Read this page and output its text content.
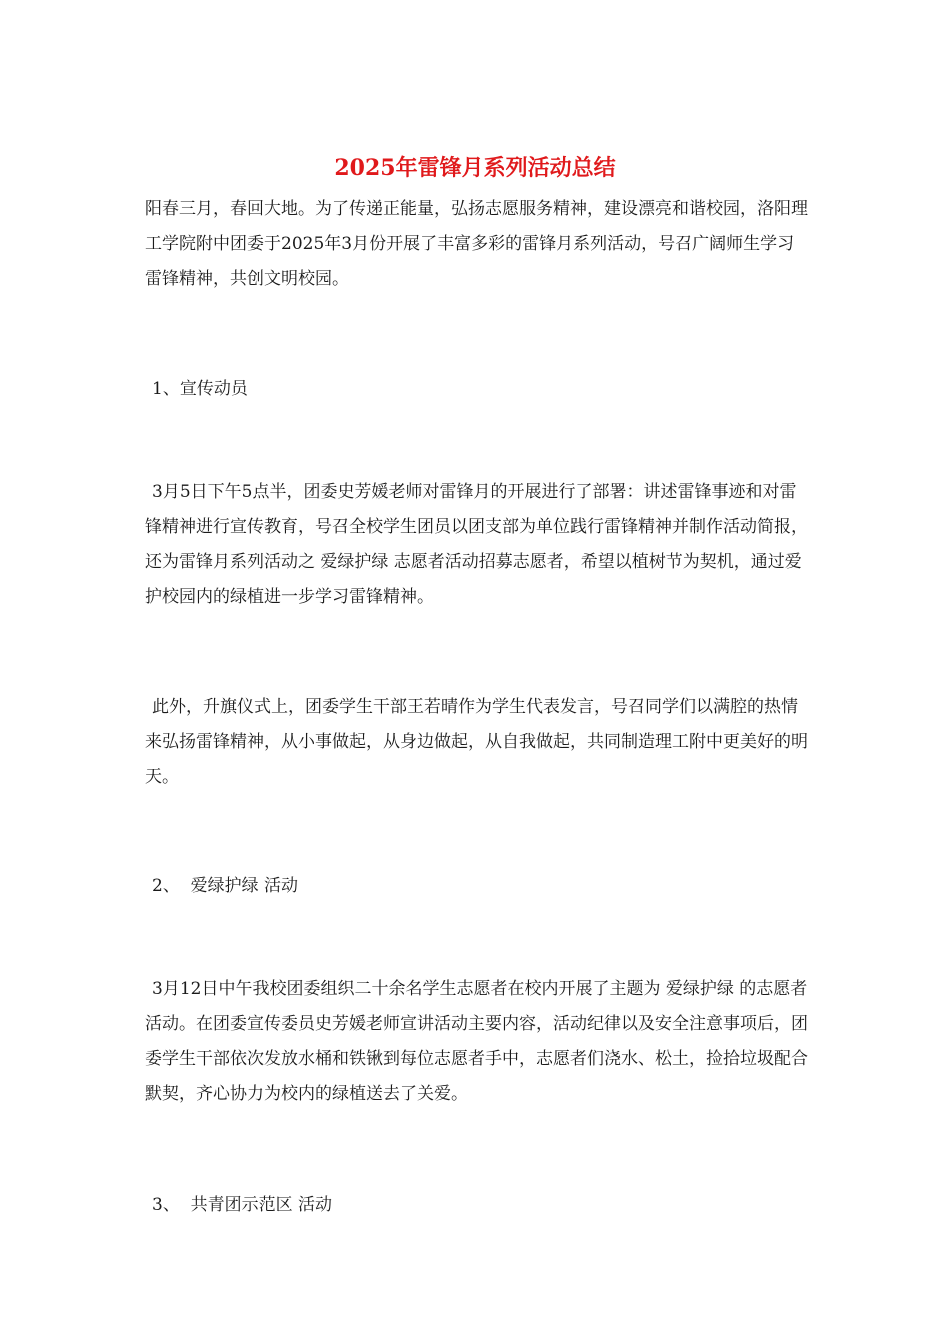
2025年雷锋月系列活动总结

阳春三月，春回大地。为了传递正能量，弘扬志愿服务精神，建设漂亮和谐校园，洛阳理工学院附中团委于2025年3月份开展了丰富多彩的雷锋月系列活动，号召广阔师生学习雷锋精神，共创文明校园。

1、宣传动员

3月5日下午5点半，团委史芳媛老师对雷锋月的开展进行了部署：讲述雷锋事迹和对雷锋精神进行宣传教育，号召全校学生团员以团支部为单位践行雷锋精神并制作活动简报，还为雷锋月系列活动之 爱绿护绿 志愿者活动招募志愿者，希望以植树节为契机，通过爱护校园内的绿植进一步学习雷锋精神。

此外，升旗仪式上，团委学生干部王若晴作为学生代表发言，号召同学们以满腔的热情来弘扬雷锋精神，从小事做起，从身边做起，从自我做起，共同制造理工附中更美好的明天。

2、  爱绿护绿 活动

3月12日中午我校团委组织二十余名学生志愿者在校内开展了主题为 爱绿护绿 的志愿者活动。在团委宣传委员史芳媛老师宣讲活动主要内容，活动纪律以及安全注意事项后，团委学生干部依次发放水桶和铁锹到每位志愿者手中，志愿者们浇水、松土，捡拾垃圾配合默契，齐心协力为校内的绿植送去了关爱。

3、  共青团示范区 活动
